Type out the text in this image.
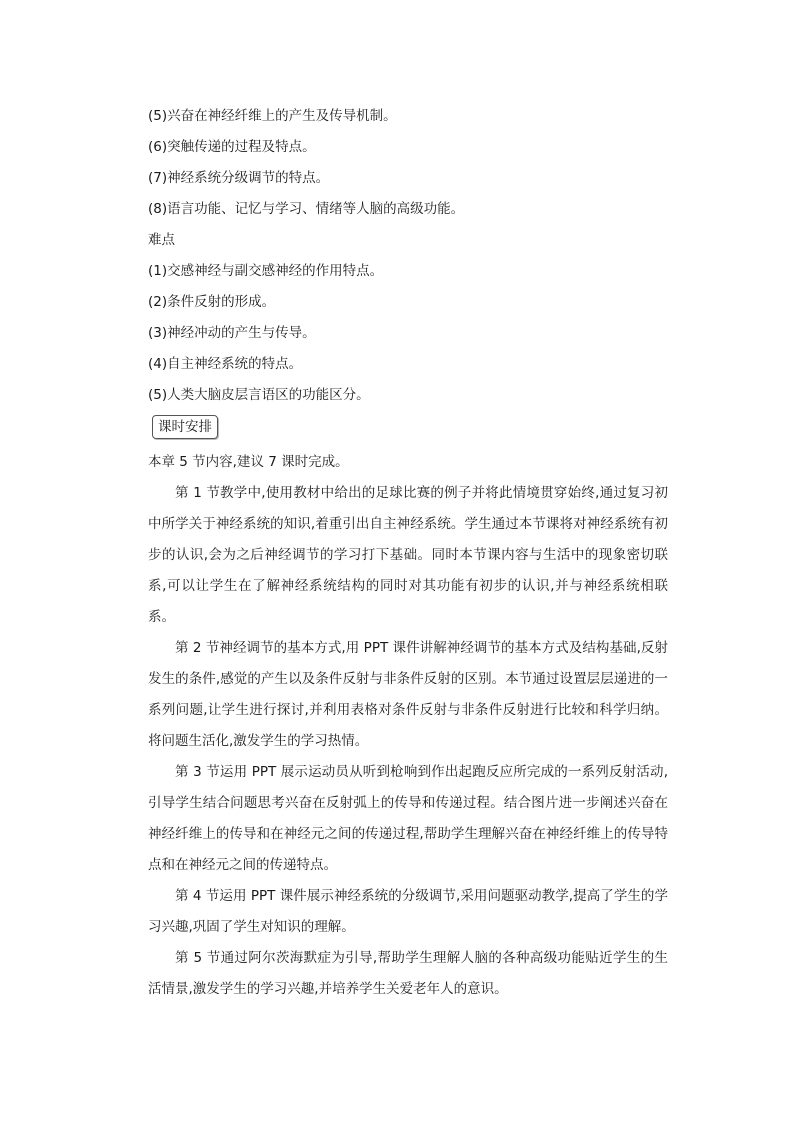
(5)兴奋在神经纤维上的产生及传导机制。
(6)突触传递的过程及特点。
(7)神经系统分级调节的特点。
(8)语言功能、记忆与学习、情绪等人脑的高级功能。
难点
(1)交感神经与副交感神经的作用特点。
(2)条件反射的形成。
(3)神经冲动的产生与传导。
(4)自主神经系统的特点。
(5)人类大脑皮层言语区的功能区分。
课时安排
本章 5 节内容,建议 7 课时完成。

第 1 节教学中,使用教材中给出的足球比赛的例子并将此情境贯穿始终,通过复习初中所学关于神经系统的知识,着重引出自主神经系统。学生通过本节课将对神经系统有初步的认识,会为之后神经调节的学习打下基础。同时本节课内容与生活中的现象密切联系,可以让学生在了解神经系统结构的同时对其功能有初步的认识,并与神经系统相联系。

第 2 节神经调节的基本方式,用 PPT 课件讲解神经调节的基本方式及结构基础,反射发生的条件,感觉的产生以及条件反射与非条件反射的区别。本节通过设置层层递进的一系列问题,让学生进行探讨,并利用表格对条件反射与非条件反射进行比较和科学归纳。将问题生活化,激发学生的学习热情。

第 3 节运用 PPT 展示运动员从听到枪响到作出起跑反应所完成的一系列反射活动,引导学生结合问题思考兴奋在反射弧上的传导和传递过程。结合图片进一步阐述兴奋在神经纤维上的传导和在神经元之间的传递过程,帮助学生理解兴奋在神经纤维上的传导特点和在神经元之间的传递特点。

第 4 节运用 PPT 课件展示神经系统的分级调节,采用问题驱动教学,提高了学生的学习兴趣,巩固了学生对知识的理解。

第 5 节通过阿尔茨海默症为引导,帮助学生理解人脑的各种高级功能贴近学生的生活情景,激发学生的学习兴趣,并培养学生关爱老年人的意识。
